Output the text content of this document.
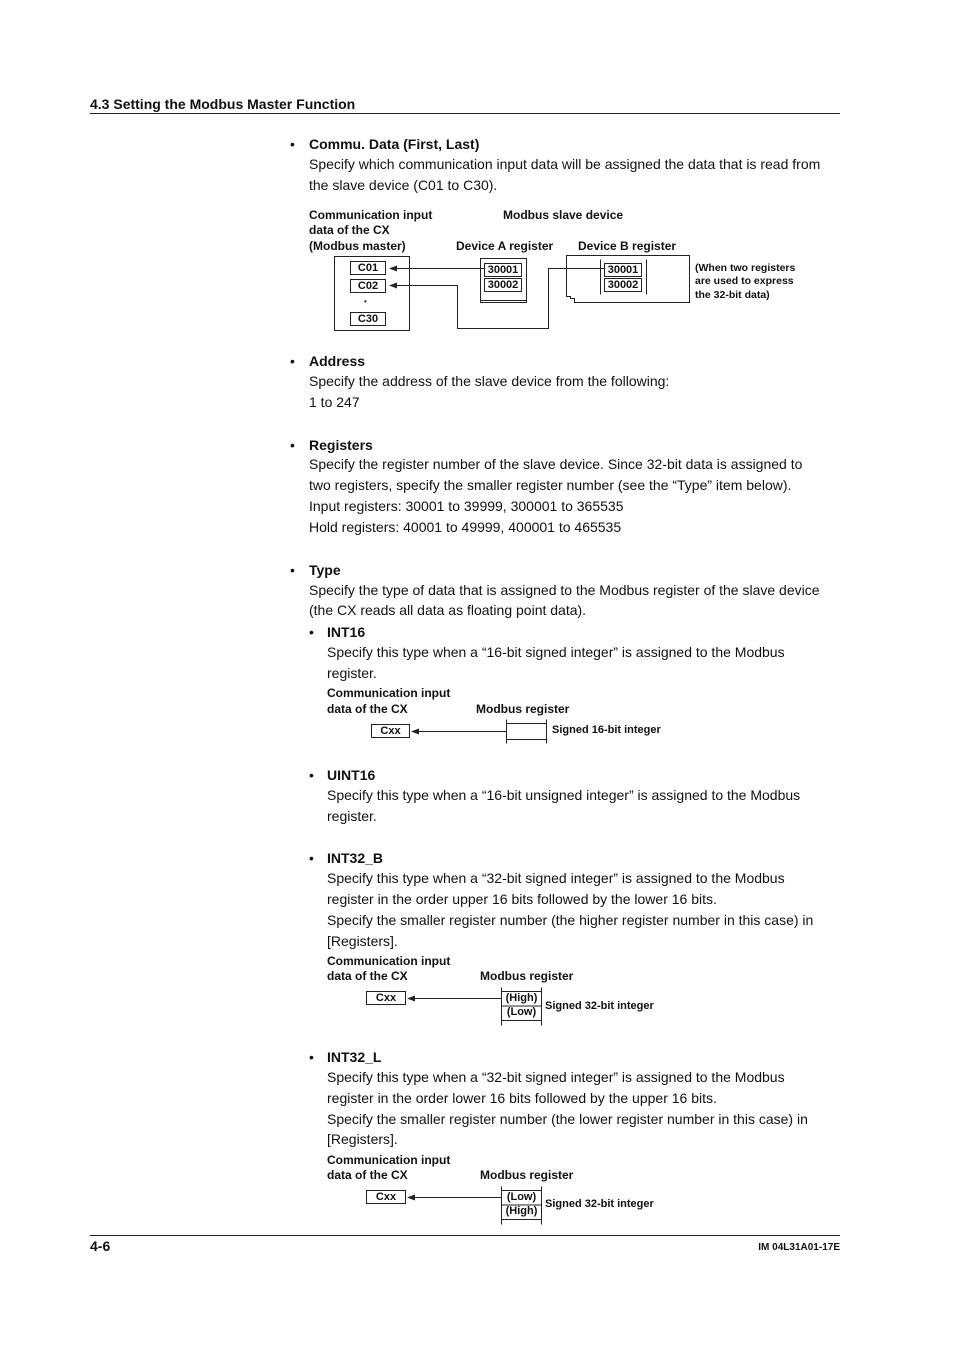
4.3 Setting the Modbus Master Function
• Commu. Data (First, Last)
Specify which communication input data will be assigned the data that is read from
the slave device (C01 to C30).
Communication input
data of the CX
(Modbus master)
Modbus slave device
Device A register Device B register
C01
C02
•
C30
30001
30002
30001
30002
(When two registers
are used to express
the 32-bit data)
• Address
Specify the address of the slave device from the following:
1 to 247
• Registers
Specify the register number of the slave device. Since 32-bit data is assigned to
two registers, specify the smaller register number (see the “Type” item below).
Input registers: 30001 to 39999, 300001 to 365535
Hold registers: 40001 to 49999, 400001 to 465535
• Type
Specify the type of data that is assigned to the Modbus register of the slave device
(the CX reads all data as floating point data).
• INT16
Specify this type when a “16-bit signed integer” is assigned to the Modbus
register.
Communication input
data of the CX	Modbus register
Cxx	Signed 16-bit integer
• UINT16
Specify this type when a “16-bit unsigned integer” is assigned to the Modbus
register.
• INT32_B
Specify this type when a “32-bit signed integer” is assigned to the Modbus
register in the order upper 16 bits followed by the lower 16 bits.
Specify the smaller register number (the higher register number in this case) in
[Registers].
Communication input
data of the CX	Modbus register
Cxx	(High)
(Low) Signed 32-bit integer
• INT32_L
Specify this type when a “32-bit signed integer” is assigned to the Modbus
register in the order lower 16 bits followed by the upper 16 bits.
Specify the smaller register number (the lower register number in this case) in
[Registers].
Communication input
data of the CX	Modbus register
Cxx	(Low)
(High)
Signed 32-bit integer
4-6	IM 04L31A01-17E
